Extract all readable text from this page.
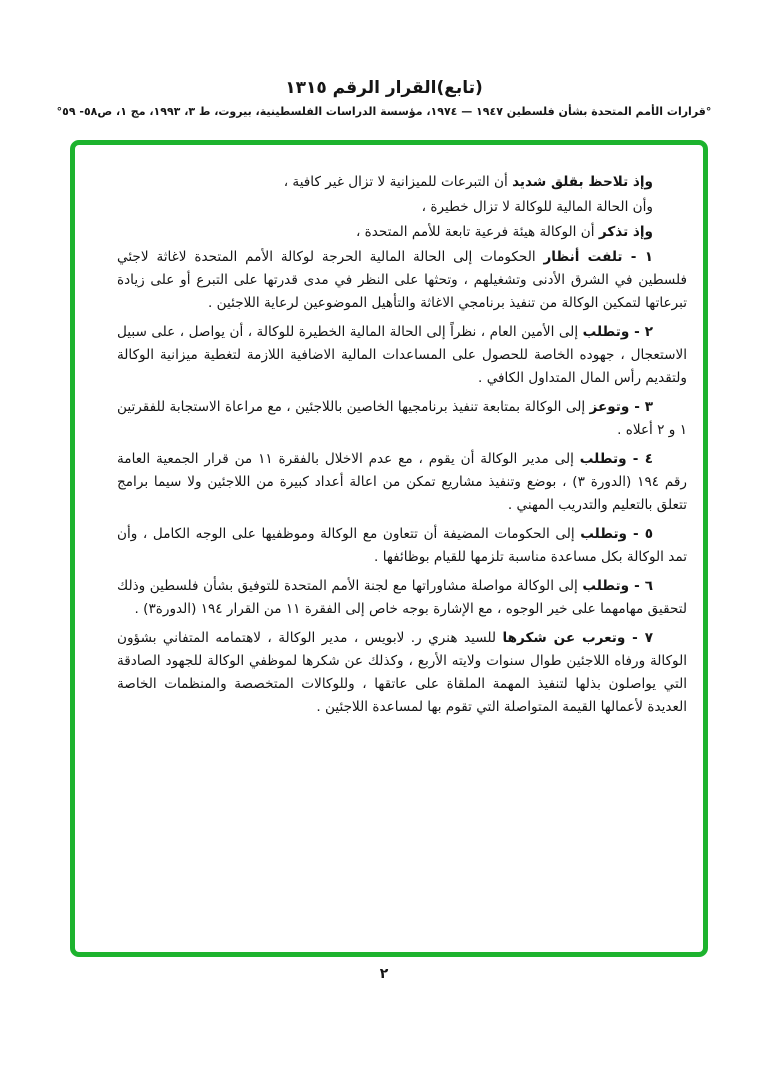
(تابع)القرار الرقم ١٣١٥
°قرارات الأمم المتحدة بشأن فلسطين ١٩٤٧ — ١٩٧٤، مؤسسة الدراسات الفلسطينية، بيروت، ط ٣، ١٩٩٣، مج ١، ص٥٨- ٥٩°

وإذ تلاحظ بقلق شديد أن التبرعات للميزانية لا تزال غير كافية ،

وأن الحالة المالية للوكالة لا تزال خطيرة ،

وإذ تذكر أن الوكالة هيئة فرعية تابعة للأمم المتحدة ،

١ - تلفت أنظار الحكومات إلى الحالة المالية الحرجة لوكالة الأمم المتحدة لاغاثة لاجئي فلسطين في الشرق الأدنى وتشغيلهم ، وتحثها على النظر في مدى قدرتها على التبرع أو على زيادة تبرعاتها لتمكين الوكالة من تنفيذ برنامجي الاغاثة والتأهيل الموضوعين لرعاية اللاجئين .

٢ - وتطلب إلى الأمين العام ، نظراً إلى الحالة المالية الخطيرة للوكالة ، أن يواصل ، على سبيل الاستعجال ، جهوده الخاصة للحصول على المساعدات المالية الاضافية اللازمة لتغطية ميزانية الوكالة ولتقديم رأس المال المتداول الكافي .

٣ - وتوعز إلى الوكالة بمتابعة تنفيذ برنامجيها الخاصين باللاجئين ، مع مراعاة الاستجابة للفقرتين ١ و ٢ أعلاه .

٤ - وتطلب إلى مدير الوكالة أن يقوم ، مع عدم الاخلال بالفقرة ١١ من قرار الجمعية العامة رقم ١٩٤ (الدورة ٣) ، بوضع وتنفيذ مشاريع تمكن من اعالة أعداد كبيرة من اللاجئين ولا سيما برامج تتعلق بالتعليم والتدريب المهني .

٥ - وتطلب إلى الحكومات المضيفة أن تتعاون مع الوكالة وموظفيها على الوجه الكامل ، وأن تمد الوكالة بكل مساعدة مناسبة تلزمها للقيام بوظائفها .

٦ - وتطلب إلى الوكالة مواصلة مشاوراتها مع لجنة الأمم المتحدة للتوفيق بشأن فلسطين وذلك لتحقيق مهامهما على خير الوجوه ، مع الإشارة بوجه خاص إلى الفقرة ١١ من القرار ١٩٤ (الدورة٣) .

٧ - وتعرب عن شكرها للسيد هنري ر. لابويس ، مدير الوكالة ، لاهتمامه المتفاني بشؤون الوكالة ورفاه اللاجئين طوال سنوات ولايته الأربع ، وكذلك عن شكرها لموظفي الوكالة للجهود الصادقة التي يواصلون بذلها لتنفيذ المهمة الملقاة على عاتقها ، وللوكالات المتخصصة والمنظمات الخاصة العديدة لأعمالها القيمة المتواصلة التي تقوم بها لمساعدة اللاجئين .

٢
